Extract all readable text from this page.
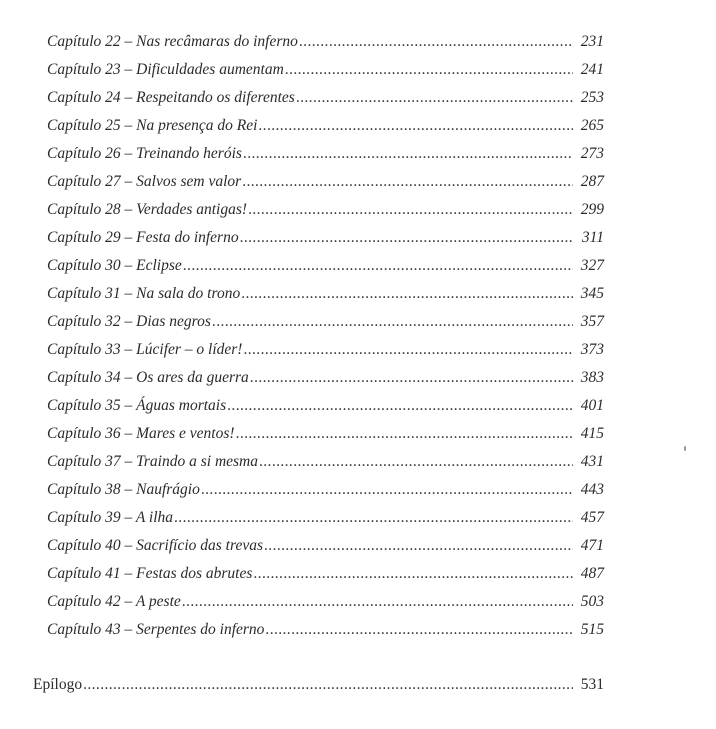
Capítulo 22 – Nas recâmaras do inferno .....	231
Capítulo 23 – Dificuldades aumentam .....	241
Capítulo 24 – Respeitando os diferentes .....	253
Capítulo 25 – Na presença do Rei .....	265
Capítulo 26 – Treinando heróis .....	273
Capítulo 27 – Salvos sem valor .....	287
Capítulo 28 – Verdades antigas! .....	299
Capítulo 29 – Festa do inferno .....	311
Capítulo 30 – Eclipse .....	327
Capítulo 31 – Na sala do trono .....	345
Capítulo 32 – Dias negros .....	357
Capítulo 33 – Lúcifer – o líder! .....	373
Capítulo 34 – Os ares da guerra .....	383
Capítulo 35 – Águas mortais .....	401
Capítulo 36 – Mares e ventos! .....	415
Capítulo 37 – Traindo a si mesma .....	431
Capítulo 38 – Naufrágio .....	443
Capítulo 39 – A ilha .....	457
Capítulo 40 – Sacrifício das trevas .....	471
Capítulo 41 – Festas dos abrutes .....	487
Capítulo 42 – A peste .....	503
Capítulo 43 – Serpentes do inferno .....	515
Epílogo .....	531
